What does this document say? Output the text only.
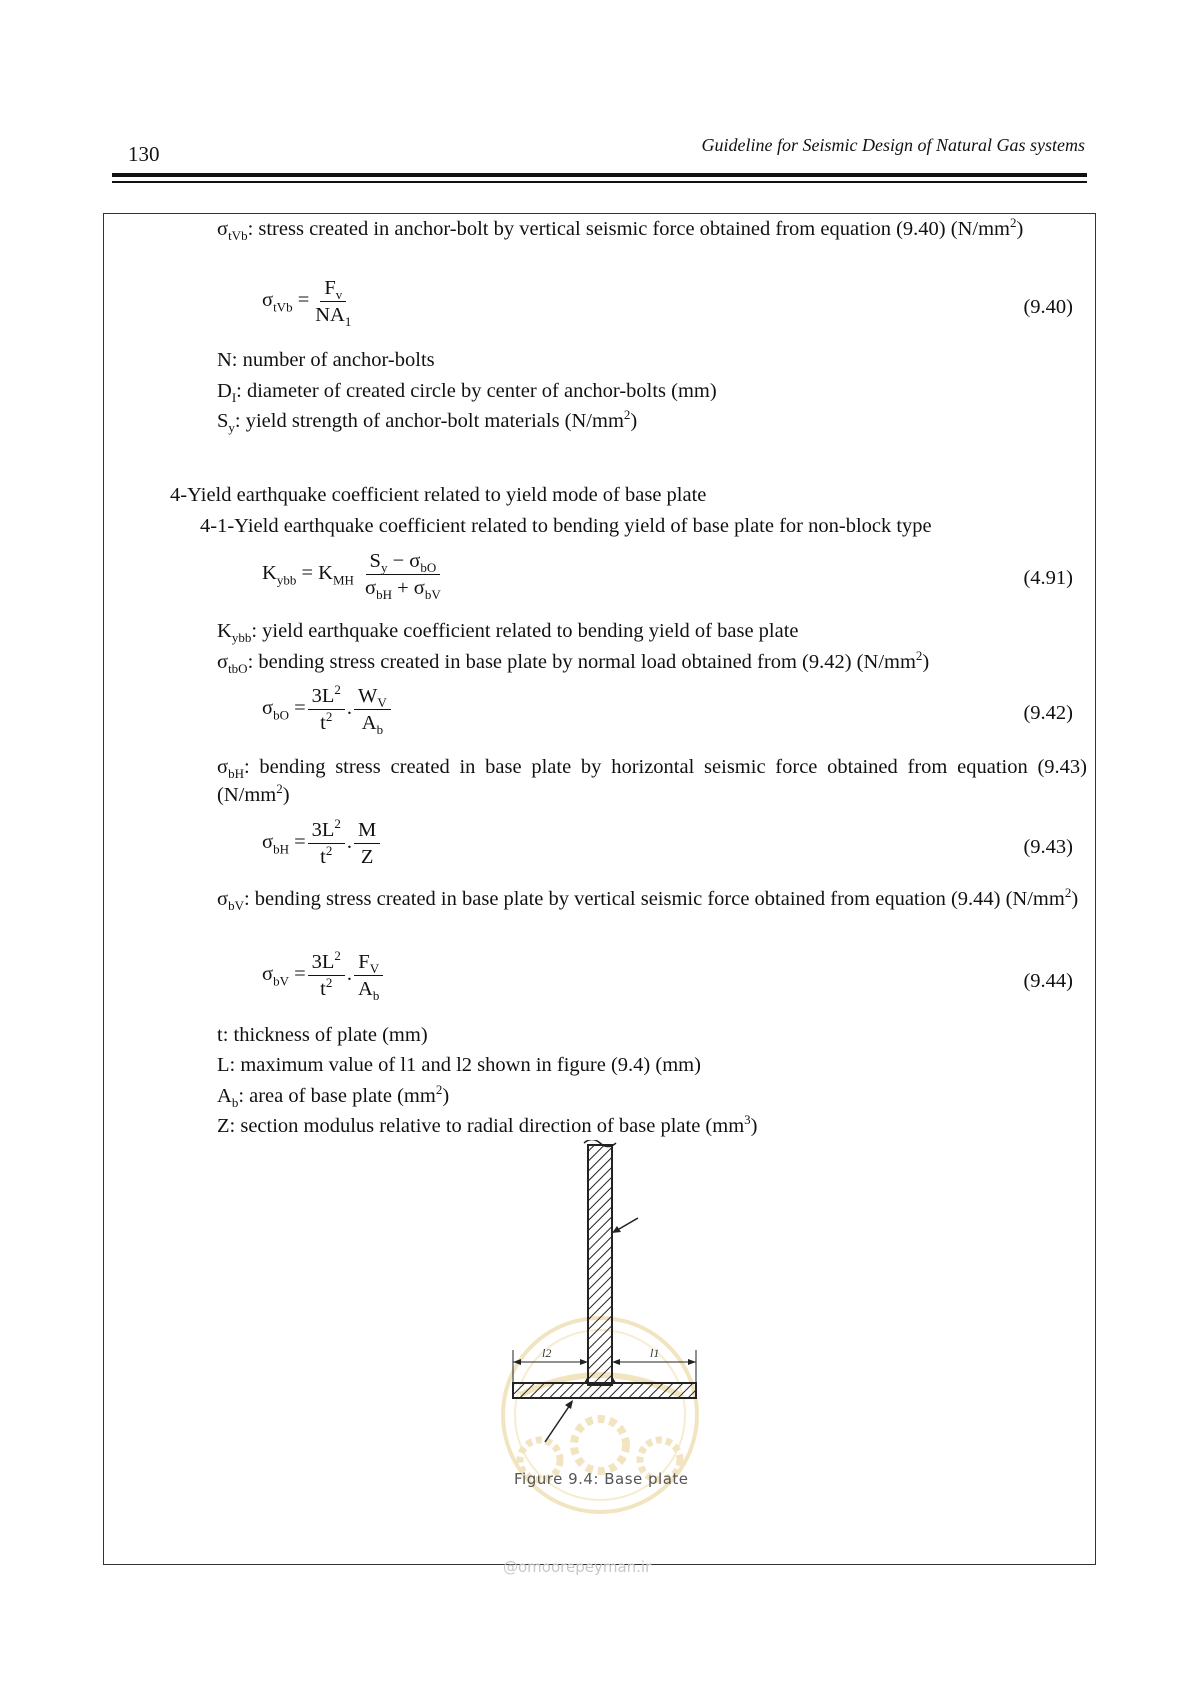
130	Guideline for Seismic Design of Natural Gas systems
$\sigma_{tVb}$: stress created in anchor-bolt by vertical seismic force obtained from equation (9.40) $(N/mm^2)$
$\sigma_{tVb} = \frac{F_v}{NA_1}$	(9.40)
N: number of anchor-bolts
$D_I$: diameter of created circle by center of anchor-bolts (mm)
$S_y$: yield strength of anchor-bolt materials $(N/mm^2)$
4-Yield earthquake coefficient related to yield mode of base plate
4-1-Yield earthquake coefficient related to bending yield of base plate for non-block type
$K_{ybb} = K_{MH} \frac{S_y - \sigma_{bO}}{\sigma_{bH} + \sigma_{bV}}$	(4.91)
$K_{ybb}$: yield earthquake coefficient related to bending yield of base plate
$\sigma_{tbO}$: bending stress created in base plate by normal load obtained from (9.42) $(N/mm^2)$
$\sigma_{bO} = \frac{3L^2}{t^2}$ . $\frac{W_V}{A_b}$	(9.42)
$\sigma_{bH}$: bending stress created in base plate by horizontal seismic force obtained from equation (9.43) $(N/mm^2)$
$\sigma_{bH} = \frac{3L^2}{t^2}$ . $\frac{M}{Z}$	(9.43)
$\sigma_{bV}$: bending stress created in base plate by vertical seismic force obtained from equation (9.44) $(N/mm^2)$
$\sigma_{bV} = \frac{3L^2}{t^2}$ . $\frac{F_V}{A_b}$	(9.44)
t: thickness of plate (mm)
L: maximum value of l1 and l2 shown in figure (9.4) (mm)
$A_b$: area of base plate $(mm^2)$
Z: section modulus relative to radial direction of base plate $(mm^3)$
l2	l1
Figure 9.4: Base plate
@omoorepeyman.ir
